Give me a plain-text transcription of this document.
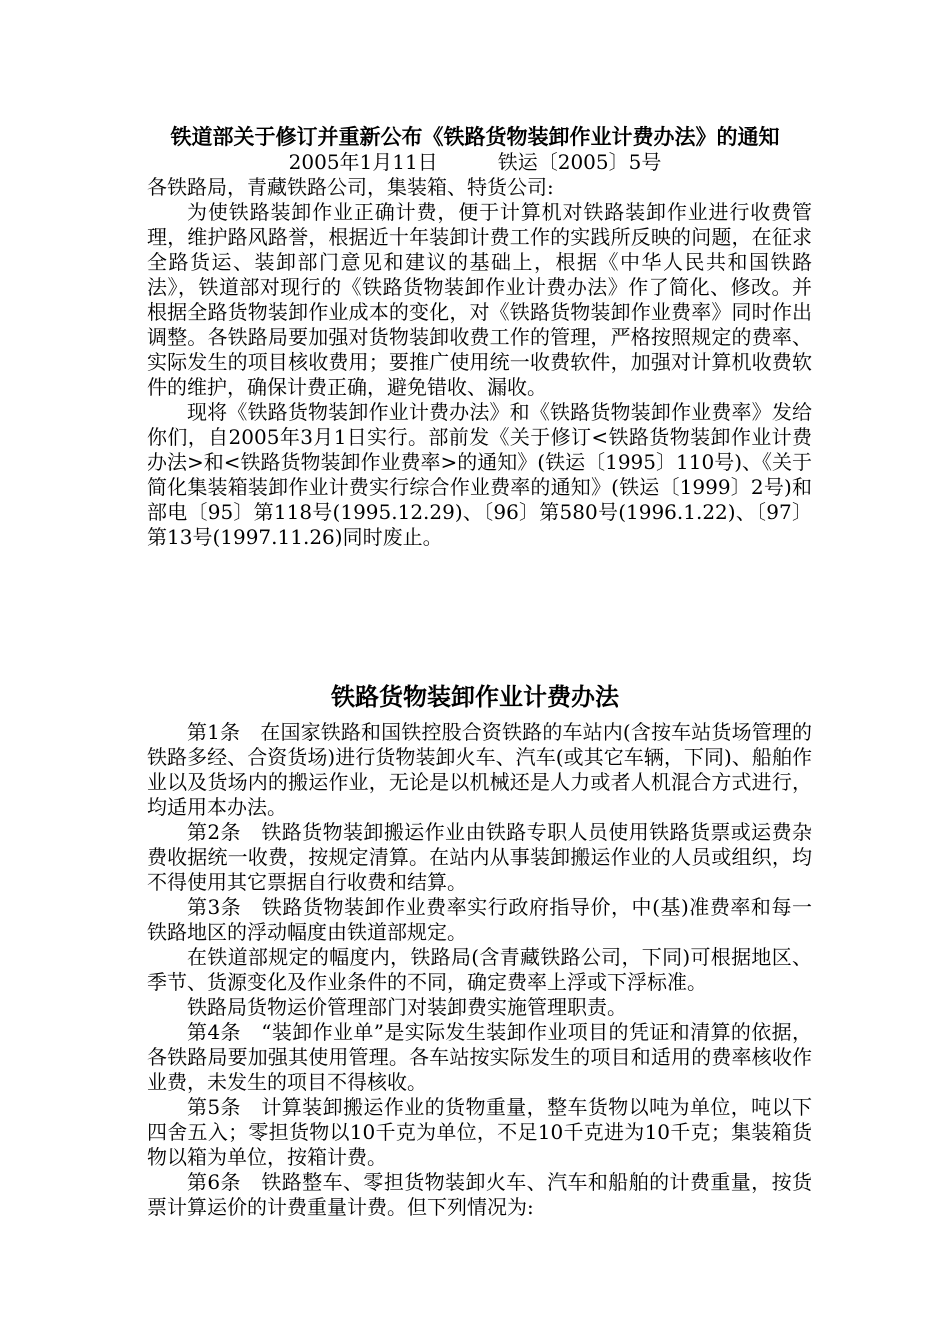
铁道部关于修订并重新公布《铁路货物装卸作业计费办法》的通知
2005年1月11日　　　	铁运〔2005〕5号

各铁路局，青藏铁路公司，集装箱、特货公司:

为使铁路装卸作业正确计费，便于计算机对铁路装卸作业进行收费管理，维护路风路誉，根据近十年装卸计费工作的实践所反映的问题，在征求全路货运、装卸部门意见和建议的基础上，根据《中华人民共和国铁路法》，铁道部对现行的《铁路货物装卸作业计费办法》作了简化、修改。并根据全路货物装卸作业成本的变化，对《铁路货物装卸作业费率》同时作出调整。各铁路局要加强对货物装卸收费工作的管理，严格按照规定的费率、实际发生的项目核收费用；要推广使用统一收费软件，加强对计算机收费软件的维护，确保计费正确，避免错收、漏收。

现将《铁路货物装卸作业计费办法》和《铁路货物装卸作业费率》发给你们，自2005年3月1日实行。部前发《关于修订<铁路货物装卸作业计费办法>和<铁路货物装卸作业费率>的通知》(铁运〔1995〕110号)、《关于简化集装箱装卸作业计费实行综合作业费率的通知》(铁运〔1999〕2号)和部电〔95〕第118号(1995.12.29)、〔96〕第580号(1996.1.22)、〔97〕第13号(1997.11.26)同时废止。

铁路货物装卸作业计费办法

第1条　在国家铁路和国铁控股合资铁路的车站内(含按车站货场管理的铁路多经、合资货场)进行货物装卸火车、汽车(或其它车辆，下同)、船舶作业以及货场内的搬运作业，无论是以机械还是人力或者人机混合方式进行，均适用本办法。

第2条　铁路货物装卸搬运作业由铁路专职人员使用铁路货票或运费杂费收据统一收费，按规定清算。在站内从事装卸搬运作业的人员或组织，均不得使用其它票据自行收费和结算。

第3条　铁路货物装卸作业费率实行政府指导价，中(基)准费率和每一铁路地区的浮动幅度由铁道部规定。

在铁道部规定的幅度内，铁路局(含青藏铁路公司，下同)可根据地区、季节、货源变化及作业条件的不同，确定费率上浮或下浮标准。

铁路局货物运价管理部门对装卸费实施管理职责。

第4条　“装卸作业单”是实际发生装卸作业项目的凭证和清算的依据，各铁路局要加强其使用管理。各车站按实际发生的项目和适用的费率核收作业费，未发生的项目不得核收。

第5条　计算装卸搬运作业的货物重量，整车货物以吨为单位，吨以下四舍五入；零担货物以10千克为单位，不足10千克进为10千克；集装箱货物以箱为单位，按箱计费。

第6条　铁路整车、零担货物装卸火车、汽车和船舶的计费重量，按货票计算运价的计费重量计费。但下列情况为:
